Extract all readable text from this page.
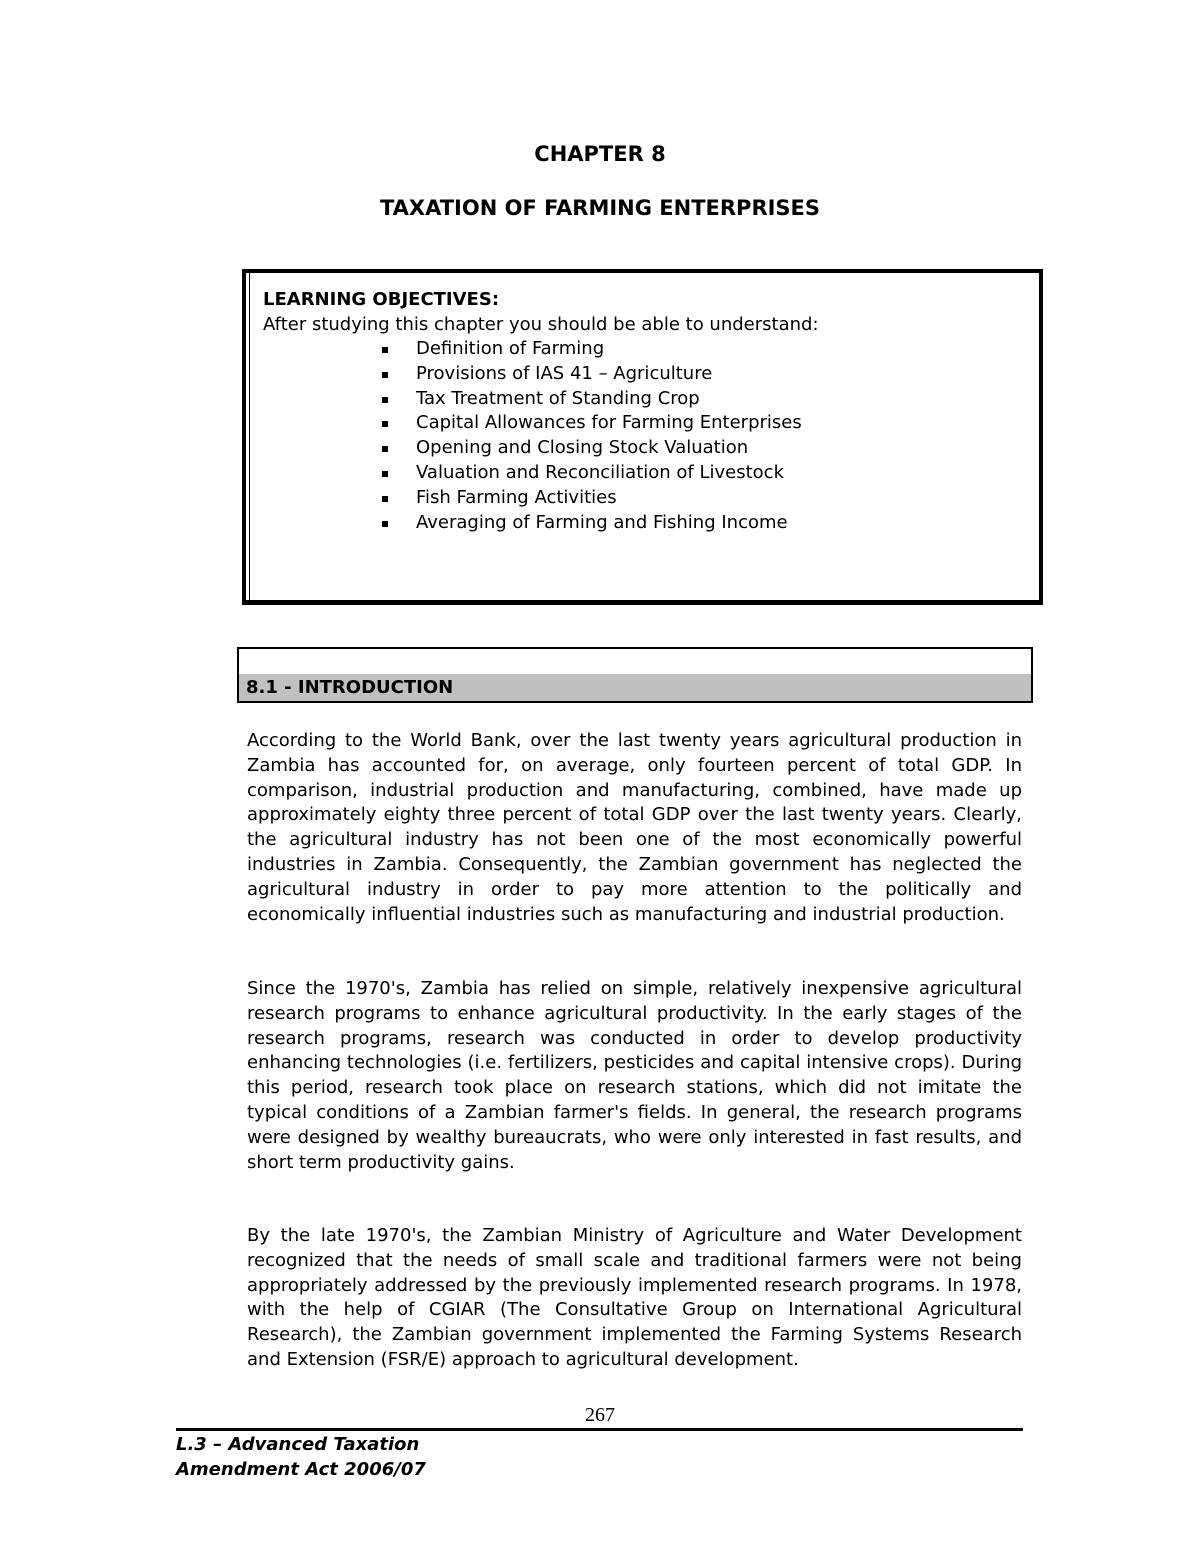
CHAPTER 8
TAXATION OF FARMING ENTERPRISES
LEARNING OBJECTIVES:
After studying this chapter you should be able to understand:
Definition of Farming
Provisions of IAS 41 – Agriculture
Tax Treatment of Standing Crop
Capital Allowances for Farming Enterprises
Opening and Closing Stock Valuation
Valuation and Reconciliation of Livestock
Fish Farming Activities
Averaging of Farming and Fishing Income
8.1 - INTRODUCTION

According to the World Bank, over the last twenty years agricultural production in Zambia has accounted for, on average, only fourteen percent of total GDP. In comparison, industrial production and manufacturing, combined, have made up approximately eighty three percent of total GDP over the last twenty years. Clearly, the agricultural industry has not been one of the most economically powerful industries in Zambia. Consequently, the Zambian government has neglected the agricultural industry in order to pay more attention to the politically and economically influential industries such as manufacturing and industrial production.

Since the 1970's, Zambia has relied on simple, relatively inexpensive agricultural research programs to enhance agricultural productivity. In the early stages of the research programs, research was conducted in order to develop productivity enhancing technologies (i.e. fertilizers, pesticides and capital intensive crops). During this period, research took place on research stations, which did not imitate the typical conditions of a Zambian farmer's fields. In general, the research programs were designed by wealthy bureaucrats, who were only interested in fast results, and short term productivity gains.

By the late 1970's, the Zambian Ministry of Agriculture and Water Development recognized that the needs of small scale and traditional farmers were not being appropriately addressed by the previously implemented research programs. In 1978, with the help of CGIAR (The Consultative Group on International Agricultural Research), the Zambian government implemented the Farming Systems Research and Extension (FSR/E) approach to agricultural development.

267
L.3 – Advanced Taxation
Amendment Act 2006/07
